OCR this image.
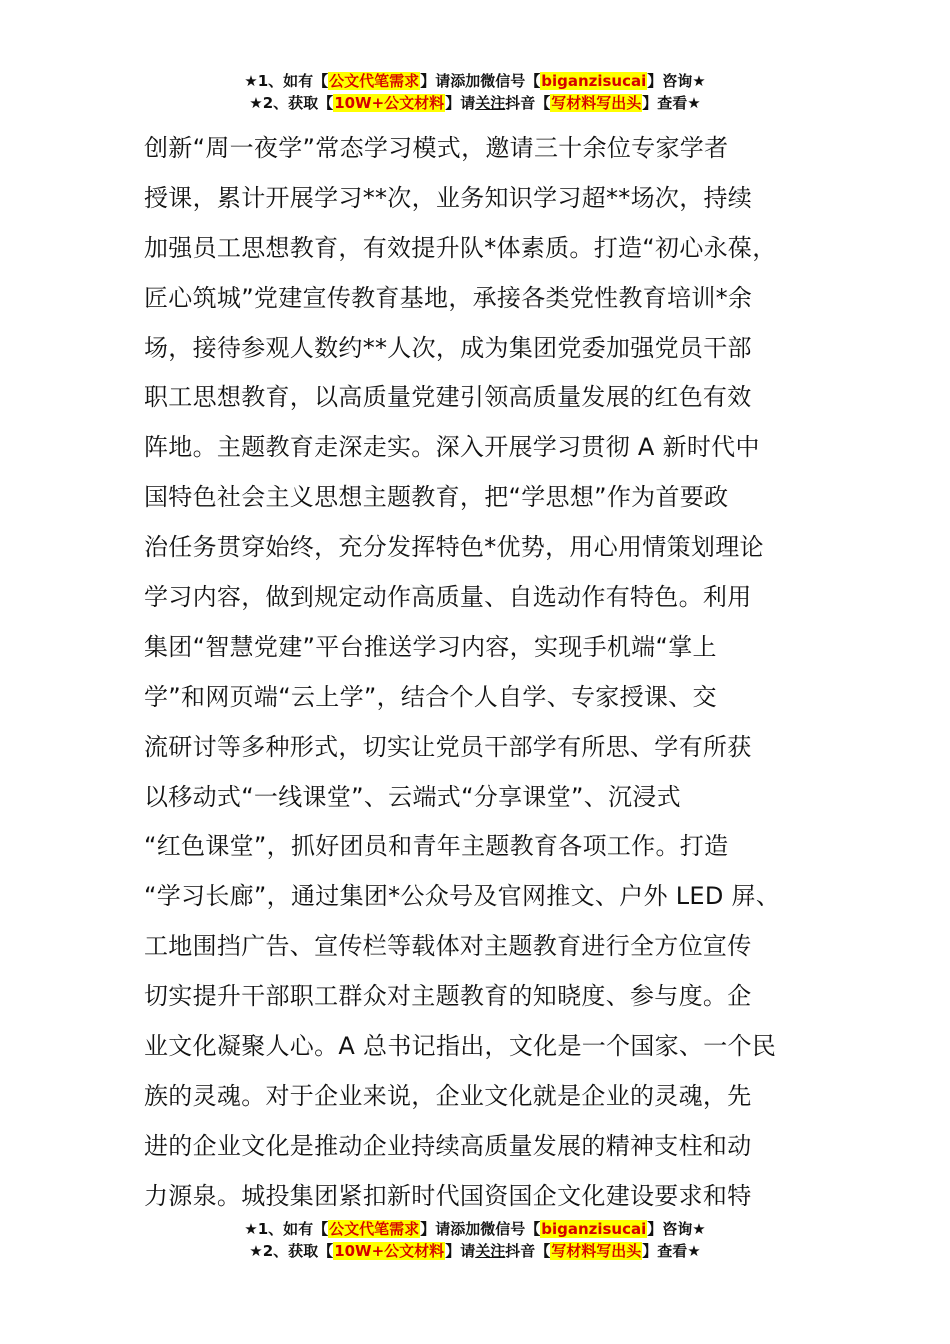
★1、如有【公文代笔需求】请添加微信号【biganzisucai】咨询★
★2、获取【10W+公文材料】请关注抖音【写材料写出头】查看★
创新“周一夜学”常态学习模式，邀请三十余位专家学者
授课，累计开展学习**次，业务知识学习超**场次，持续
加强员工思想教育，有效提升队*体素质。打造“初心永葆，
匠心筑城”党建宣传教育基地，承接各类党性教育培训*余
场，接待参观人数约**人次，成为集团党委加强党员干部
职工思想教育，以高质量党建引领高质量发展的红色有效
阵地。主题教育走深走实。深入开展学习贯彻 A 新时代中
国特色社会主义思想主题教育，把“学思想”作为首要政
治任务贯穿始终，充分发挥特色*优势，用心用情策划理论
学习内容，做到规定动作高质量、自选动作有特色。利用
集团“智慧党建”平台推送学习内容，实现手机端“掌上
学”和网页端“云上学”，结合个人自学、专家授课、交
流研讨等多种形式，切实让党员干部学有所思、学有所获
以移动式“一线课堂”、云端式“分享课堂”、沉浸式
“红色课堂”，抓好团员和青年主题教育各项工作。打造
“学习长廊”，通过集团*公众号及官网推文、户外 LED 屏、
工地围挡广告、宣传栏等载体对主题教育进行全方位宣传
切实提升干部职工群众对主题教育的知晓度、参与度。企
业文化凝聚人心。A 总书记指出，文化是一个国家、一个民
族的灵魂。对于企业来说，企业文化就是企业的灵魂，先
进的企业文化是推动企业持续高质量发展的精神支柱和动
力源泉。城投集团紧扣新时代国资国企文化建设要求和特
★1、如有【公文代笔需求】请添加微信号【biganzisucai】咨询★
★2、获取【10W+公文材料】请关注抖音【写材料写出头】查看★
